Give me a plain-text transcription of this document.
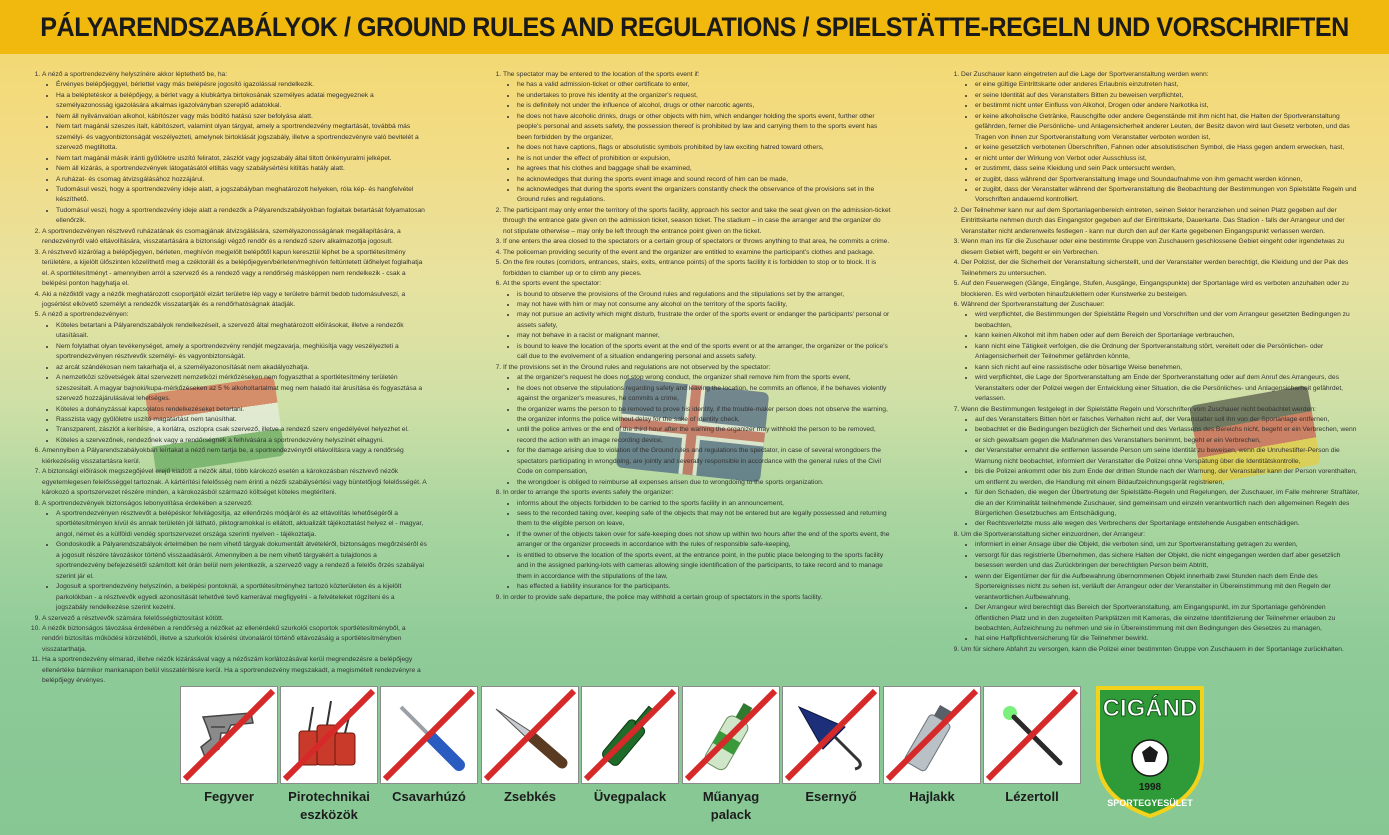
PÁLYARENDSZABÁLYOK / GROUND RULES AND REGULATIONS / SPIELSTÄTTE-REGELN UND VORSCHRIFTEN
1. A néző a sportrendezvény helyszínére akkor léptethető be, ha:
• Érvényes belépőjeggyel, bérlettel vagy más belépésre jogosító igazolással rendelkezik.
• Ha a beléptetéskor a belépőjegy, a bérlet vagy a klubkártya birtokosának személyes adatai megegyeznek a személyazonosság igazolására alkalmas igazolványban szereplő adatokkal.
• Nem áll nyilvánvalóan alkohol, kábítószer vagy más bódító hatású szer befolyása alatt.
• Nem tart magánál szeszes italt, kábítószert, valamint olyan tárgyat, amely a sportrendezvény megtartását, továbbá más személyi- és vagyonbiztonságát veszélyezteti, amelynek birtoklását jogszabály, illetve a sportrendezvényre való bevitelét a szervező megtiltotta.
• Nem tart magánál másik iránti gyűlöletre uszító feliratot, zászlót vagy jogszabály által tiltott önkényuralmi jelképet.
• Nem áll kizárás, a sportrendezvények látogatásától eltiltás vagy szabálysértési kitiltás hatály alatt.
• A ruházat- és csomag átvizsgálásához hozzájárul.
• Tudomásul veszi, hogy a sportrendezvény ideje alatt, a jogszabályban meghatározott helyeken, róla kép- és hangfelvétel készíthető.
• Tudomásul veszi, hogy a sportrendezvény ideje alatt a rendezők a Pályarendszabályokban foglaltak betartását folyamatosan ellenőrzik.
2. A sportrendezvényen résztvevő ruházatának és csomagjának átvizsgálására, személyazonosságának megállapítására, a rendezvényről való eltávolítására, visszatartására a biztonsági végző rendőr és a rendező szerv alkalmazottja jogosult.
3. A résztvevő kizárólag a belépőjegyen, bérleten, meghívón megjelölt belépőtől kapun keresztül léphet be a sportlétesítmény területére, a kijelölt ülőszinten közelíthető meg a czéktoráll és a belépőjegyen/bérleten/meghívón feltüntetett ülőhelyet foglalhatja el. A sportlétesítményt - amennyiben arról a szervező és a rendező vagy a rendőrség másképpen nem rendelkezik - csak a belépési ponton hagyhatja el.
4. Aki a nézőktől vagy a nézők meghatározott csoportjától elzárt területre lép vagy e területre bármit bedob tudomásulveszi, a jogsértést elkövető személyt a rendezők visszatartják és a rendőrhatóságnak átadják.
5. A néző a sportrendezvényen:
• Köteles betartani a Pályarendszabályok rendelkezéseit, a szervező által meghatározott előírásokat, illetve a rendezők utasításait.
• Nem folytathat olyan tevékenységet, amely a sportrendezvény rendjét megzavarja, meghiúsítja vagy veszélyezteti a sportrendezvényen résztvevők személyi- és vagyonbiztonságát.
• az arcát szándékosan nem takarhatja el, a személyazonosítását nem akadályozhatja.
• A nemzetközi szövetségek által szervezett nemzetközi mérkőzéseken nem fogyaszthat a sportlétesítmény területén szeszesitalt. A magyar bajnoki/kupa-mérkőzéseken az 5 % alkoholtartalmat meg nem haladó ital árusítása és fogyasztása a szervező hozzájárulásával lehetséges.
• Köteles a dohányzással kapcsolatos rendelkezéseket betartani.
• Rasszista vagy gyűlöletre uszító magatartást nem tanúsíthat.
• Transzparent, zászlót a kerítésre, a korlátra, oszlopra csak szervező, illetve a rendező szerv engedélyével helyezhet el.
• Köteles a szervezőnek, rendezőnek vagy a rendőrségnek a felhívására a sportrendezvény helyszínét elhagyni.
6. Amennyiben a Pályarendszabályokban leírtakat a néző nem tartja be, a sportrendezvényről eltávolításra vagy a rendőrség kiérkezéséig visszatartásra kerül.
7. A biztonsági előírások megszegőjével erejű kiadott a nézők által, több károkozó esetén a károkozásban résztvevő nézők egyetemlegesen felelősséggel tartoznak. A kártérítési felelősség nem érinti a nézői szabálysértési vagy büntetőjogi felelősségét. A károkozó a sportszervezet részére minden, a károkozásból származó költséget köteles megtéríteni.
8. A sportrendezvények biztonságos lebonyolítása érdekében a szervező:
• A sportrendezvényen résztvevőt a belépéskor felvilágosítja, az ellenőrzés módjáról és az eltávolítás lehetőségéről a sportlétesítményen kívül és annak területén jól látható, piktogramokkal is ellátott, aktualizált tájékoztatást helyez el - magyar, angol, német és a külföldi vendég sportszervezet országa szerinti nyelven - tájékoztatja.
• Gondoskodik a Pályarendszabályok értelmében be nem vihető tárgyak dokumentált átvételéről, biztonságos megőrzéséről és a jogosult részére távozáskor történő visszaadásáról. Amennyiben a be nem vihető tárgyakért a tulajdonos a sportrendezvény befejezésétől számított két órán belül nem jelentkezik, a szervező vagy a rendező a felelős őrzés szabályai szerint jár el.
• Jogosult a sportrendezvény helyszínén, a belépési pontoknál, a sportlétesítményhez tartozó közterületen és a kijelölt parkolókban - a résztvevők egyedi azonosítását lehetővé tevő kamerával megfigyelni - a felvételeket rögzíteni és a jogszabály rendelkezése szerint kezelni.
9. A szervező a résztvevők számára felelősségbiztosítást kötött.
10. A nézők biztonságos távozása érdekében a rendőrség a nézőket az ellenérdekű szurkolói csoportok sportlétesítményből, a rendőri biztosítás működési körzetéből, illetve a szurkolók kísérési útvonaláról történő eltávozásáig a sportlétesítményben visszatarthatja.
11. Ha a sportrendezvény elmarad, illetve nézők kizárásával vagy a nézőszám korlátozásával kerül megrendezésre a belépőjegy ellenértéke bármikor mankanapon belül visszatérítésre kerül. Ha a sportrendezvény megszakadt, a megismételt rendezvényre a belépőjegy érvényes.
1. The spectator may be entered to the location of the sports event if:
• he has a valid admission-ticket or other certificate to enter,
• he undertakes to prove his identity at the organizer's request,
• he is definitely not under the influence of alcohol, drugs or other narcotic agents,
• he does not have alcoholic drinks, drugs or other objects with him, which endanger holding the sports event, further other people's personal and assets safety, the possession thereof is prohibited by law and carrying them to the sports event has been forbidden by the organizer,
• he does not have captions, flags or absolutistic symbols prohibited by law exciting hatred toward others,
• he is not under the effect of prohibition or expulsion,
• he agrees that his clothes and baggage shall be examined,
• he acknowledges that during the sports event image and sound record of him can be made,
• he acknowledges that during the sports event the organizers constantly check the observance of the provisions set in the Ground rules and regulations.
2. The participant may only enter the territory of the sports facility, approach his sector and take the seat given on the admission-ticket through the entrance gate given on the admission ticket, season ticket. The stadium – in case the arranger and the organizer do not stipulate otherwise – may only be left through the entrance point given on the ticket.
3. If one enters the area closed to the spectators or a certain group of spectators or throws anything to that area, he commits a crime.
4. The policeman providing security of the event and the organizer are entitled to examine the participant's clothes and package.
5. On the fire routes (corridors, entrances, stairs, exits, entrance points) of the sports facility it is forbidden to stop or to block. It is forbidden to clamber up or to climb any pieces.
6. At the sports event the spectator:
• is bound to observe the provisions of the Ground rules and regulations and the stipulations set by the arranger,
• may not have with him or may not consume any alcohol on the territory of the sports facility,
• may not pursue an activity which might disturb, frustrate the order of the sports event or endanger the participants' personal or assets safety,
• may not behave in a racist or malignant manner,
• is bound to leave the location of the sports event at the end of the sports event or at the arranger, the organizer or the police's call due to the evolvement of a situation endangering personal and assets safety.
7. If the provisions set in the Ground rules and regulations are not observed by the spectator:
• at the organizer's request he does not stop wrong conduct, the organizer shall remove him from the sports event,
• he does not observe the stipulations regarding safety and leaving the location, he commits an offence, if he behaves violently against the organizer's measures, he commits a crime,
• the organizer warns the person to be removed to prove his identity, if the trouble-maker person does not observe the warning, the organizer informs the police without delay for the sake of identity check,
• until the police arrives or the end of the third hour after the warning the organizer may withhold the person to be removed, record the action with an image recording device,
• for the damage arising due to violation of the Ground rules and regulations the spectator, in case of several wrongdoers the spectators participating in wrongdoing, are jointly and severally responsible in accordance with the general rules of the Civil Code on compensation,
• the wrongdoer is obliged to reimburse all expenses arisen due to wrongdoing to the sports organization.
8. In order to arrange the sports events safely the organizer:
• informs about the objects forbidden to be carried to the sports facility in an announcement,
• sees to the recorded taking over, keeping safe of the objects that may not be entered but are legally possessed and returning them to the eligible person on leave,
• if the owner of the objects taken over for safe-keeping does not show up within two hours after the end of the sports event, the arranger or the organizer proceeds in accordance with the rules of responsible safe-keeping,
• is entitled to observe the location of the sports event, at the entrance point, in the public place belonging to the sports facility and in the assigned parking-lots with cameras allowing single identification of the participants, to take record and to manage them in accordance with the stipulations of the law,
• has effected a liability insurance for the participants.
9. In order to provide safe departure, the police may withhold a certain group of spectators in the sports facility.
1. Der Zuschauer kann eingetreten auf die Lage der Sportveranstaltung werden wenn:
• er eine gültige Eintrittskarte oder anderes Erlaubnis einzutreten hast,
• er seine Identität auf des Veranstalters Bitten zu beweisen verpflichtet,
• er bestimmt nicht unter Einfluss von Alkohol, Drogen oder andere Narkotika ist,
• er keine alkoholische Getränke, Rauschgifte oder andere Gegenstände mit ihm nicht hat, die Halten der Sportveranstaltung gefährden, ferner die Persönliche- und Anlagensicherheit anderer Leuten, der Besitz davon wird laut Gesetz verboten, und das Tragen von ihnen zur Sportveranstaltung vom Veranstalter verboten worden ist,
• er keine gesetzlich verbotenen Überschriften, Fahnen oder absolutistischen Symbol, die Hass gegen andern erwecken, hast,
• er nicht unter der Wirkung von Verbot oder Ausschluss ist,
• er zustimmt, dass seine Kleidung und sein Pack untersucht werden,
• er zugibt, dass während der Sportveranstaltung Image und Soundaufnahme von ihm gemacht werden können,
• er zugibt, dass der Veranstalter während der Sportveranstaltung die Beobachtung der Bestimmungen von Spielstätte Regeln und Vorschriften andauernd kontrolliert.
2. Der Teilnehmer kann nur auf dem Sportanlagenbereich eintreten, seinen Sektor heranziehen und seinen Platz gegeben auf der Eintrittskarte nehmen durch das Eingangstor gegeben auf der Eintrittskarte, Dauerkarte. Das Stadion - falls der Arrangeur und der Veranstalter nicht anderenweits festlegen - kann nur durch den auf der Karte gegebenen Eingangspunkt verlassen werden.
3. Wenn man ins für die Zuschauer oder eine bestimmte Gruppe von Zuschauern geschlossene Gebiet eingeht oder irgendetwas zu diesem Gebiet wirft, begeht er ein Verbrechen.
4. Der Polizist, der die Sicherheit der Veranstaltung sicherstellt, und der Veranstalter werden berechtigt, die Kleidung und der Pak des Teilnehmers zu untersuchen.
5. Auf den Feuerwegen (Gänge, Eingänge, Stufen, Ausgänge, Eingangspunkte) der Sportanlage wird es verboten anzuhalten oder zu blockieren. Es wird verboten hinaufzuklettern oder Kunstwerke zu besteigen.
6. Während der Sportveranstaltung der Zuschauer:
• wird verpflichtet, die Bestimmungen der Spielstätte Regeln und Vorschriften und der vom Arrangeur gesetzten Bedingungen zu beobachten,
• kann keinen Alkohol mit ihm haben oder auf dem Bereich der Sportanlage verbrauchen,
• kann nicht eine Tätigkeit verfolgen, die die Ordnung der Sportveranstaltung stört, vereitelt oder die Persönlichen- oder Anlagensicherheit der Teilnehmer gefährden könnte,
• kann sich nicht auf eine rassistische oder bösartige Weise benehmen,
• wird verpflichtet, die Lage der Sportveranstaltung am Ende der Sportveranstaltung oder auf dem Anruf des Arrangeurs, des Veranstalters oder der Polizei wegen der Entwicklung einer Situation, die die Persönliches- und Anlagensicherheit gefährdet, verlassen.
7. Wenn die Bestimmungen festgelegt in der Spielstätte Regeln und Vorschriften vom Zuschauer nicht beobachtet werden:
• auf des Veranstalters Bitten hört er falsches Verhalten nicht auf, der Veranstalter soll ihn von der Sportanlage entfernen,
• beobachtet er die Bedingungen bezüglich der Sicherheit und des Verlassens des Bereichs nicht, begeht er ein Verbrechen, wenn er sich gewaltsam gegen die Maßnahmen des Veranstalters benimmt, begeht er ein Verbrechen,
• der Veranstalter ermahnt die entfernen lassende Person um seine Identität zu beweisen, wenn die Unruhestifter-Person die Warnung nicht beobachtet, informiert der Veranstalter die Polizei ohne Verspätung über die Identitätskontrolle,
• bis die Polizei ankommt oder bis zum Ende der dritten Stunde nach der Warnung, der Veranstalter kann der Person vorenthalten, um entfernt zu werden, die Handlung mit einem Bildaufzeichnungsgerät registrieren,
• für den Schaden, die wegen der Übertretung der Spielstätte-Regeln und Regelungen, der Zuschauer, im Falle mehrerer Straftäter, die an der Kriminalität teilnehmende Zuschauer, sind gemeinsam und einzeln verantwortlich nach den allgemeinen Regeln des Bürgerlichen Gesetzbuches am Entschädigung,
• der Rechtsverletzte muss alle wegen des Verbrechens der Sportanlage entstehende Ausgaben entschädigen.
8. Um die Sportveranstaltung sicher einzuordnen, der Arrangeur:
• informiert in einer Ansage über die Objekt, die verboten sind, um zur Sportveranstaltung getragen zu werden,
• versorgt für das registrierte Übernehmen, das sichere Halten der Objekt, die nicht eingegangen werden darf aber gesetzlich besessen werden und das Zurückbringen der berechtigten Person beim Abtritt,
• wenn der Eigentümer der für die Aufbewahrung übernommenen Objekt innerhalb zwei Stunden nach dem Ende des Sportereignisses nicht zu sehen ist, verläuft der Arrangeur oder der Veranstalter in Übereinstimmung mit den Regeln der verantwortlichen Aufbewahrung,
• Der Arrangeur wird berechtigt das Bereich der Sportveranstaltung, am Eingangspunkt, im zur Sportanlage gehörenden öffentlichen Platz und in den zugeteilten Parkplätzen mit Kameras, die einzelne Identifizierung der Teilnehmer erlauben zu beobachten, Aufzeichnung zu nehmen und sie in Übereinstimmung mit den Bedingungen des Gesetzes zu managen,
• hat eine Haftpflichtversicherung für die Teilnehmer bewirkt.
9. Um für sichere Abfahrt zu versorgen, kann die Polizei einer bestimmten Gruppe von Zuschauern in der Sportanlage zurückhalten.
Fegyver	Pirotechnikai eszközök
Csavarhúzó	Zsebkés	Üvegpalack	Műanyag palack
Esernyő	Hajlakk	Lézertoll
CIGÁND
1998
SPORTEGYESÜLET
